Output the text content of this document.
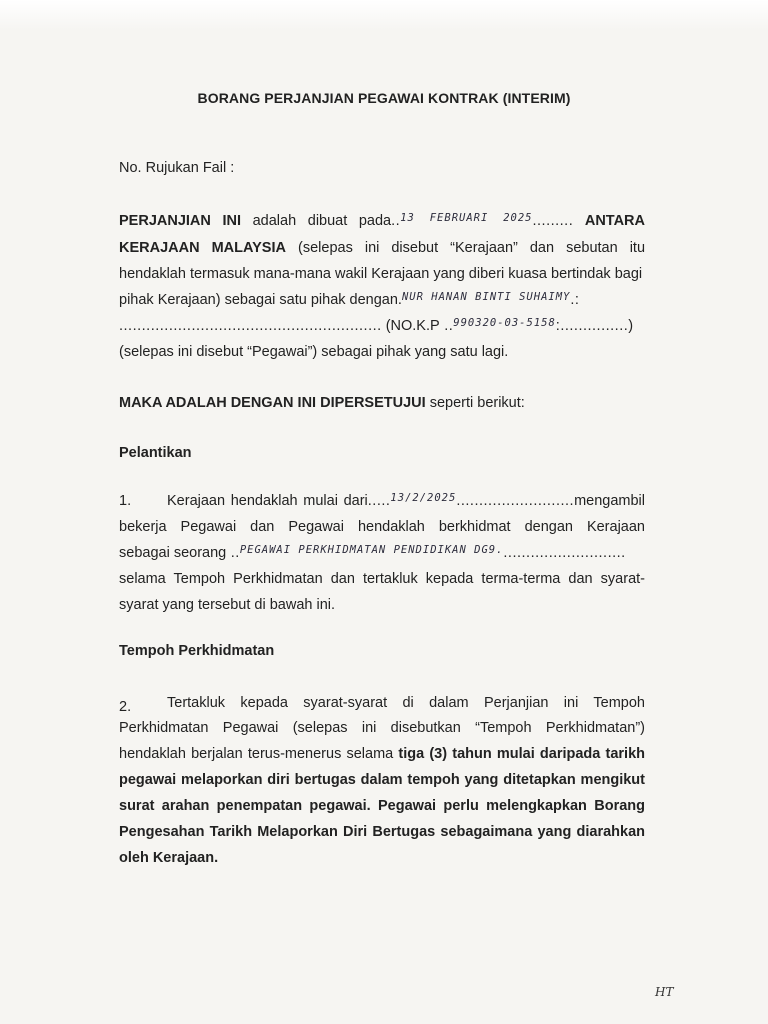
BORANG PERJANJIAN PEGAWAI KONTRAK (INTERIM)
No. Rujukan Fail :
PERJANJIAN INI adalah dibuat pada..$^{13 FEBRUARI 2025}$......... ANTARA
KERAJAAN MALAYSIA (selepas ini disebut “Kerajaan” dan sebutan itu
hendaklah termasuk mana-mana wakil Kerajaan yang diberi kuasa bertindak bagi
pihak Kerajaan) sebagai satu pihak dengan.$^{NUR HANAN BINTI SUHAIMY}$.:
.......................................................... (NO.K.P ..$^{990320-03-5158}$:...............)
(selepas ini disebut “Pegawai”) sebagai pihak yang satu lagi.
MAKA ADALAH DENGAN INI DIPERSETUJUI seperti berikut:
Pelantikan
1. Kerajaan hendaklah mulai dari.....$^{13/2/2025}$..........................mengambil
bekerja Pegawai dan Pegawai hendaklah berkhidmat dengan Kerajaan
sebagai seorang ..$^{PEGAWAI PERKHIDMATAN PENDIDIKAN DG9.}$...........................
selama Tempoh Perkhidmatan dan tertakluk kepada terma-terma dan syarat-
syarat yang tersebut di bawah ini.
Tempoh Perkhidmatan
2. Tertakluk kepada syarat-syarat di dalam Perjanjian ini Tempoh
Perkhidmatan Pegawai (selepas ini disebutkan “Tempoh Perkhidmatan”)
hendaklah berjalan terus-menerus selama tiga (3) tahun mulai daripada tarikh
pegawai melaporkan diri bertugas dalam tempoh yang ditetapkan mengikut
surat arahan penempatan pegawai. Pegawai perlu melengkapkan Borang
Pengesahan Tarikh Melaporkan Diri Bertugas sebagaimana yang diarahkan
oleh Kerajaan.
HT
